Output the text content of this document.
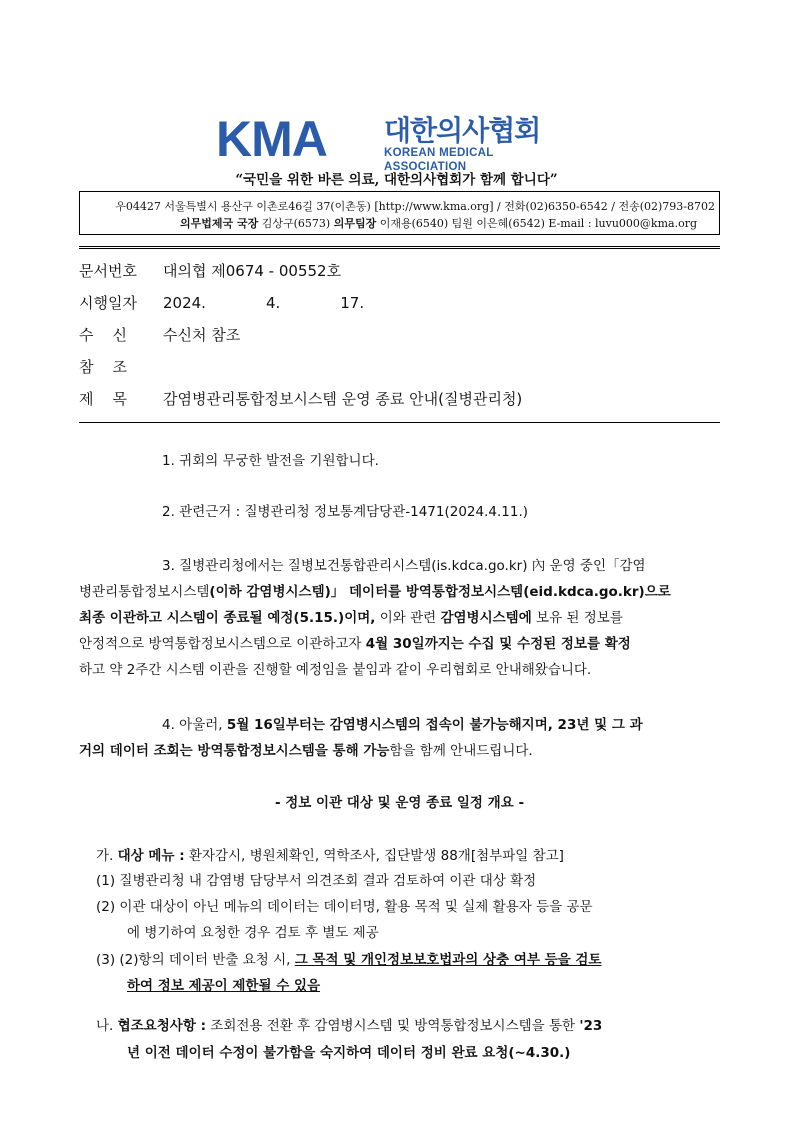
KMA 대한의사협회
KOREAN MEDICAL ASSOCIATION
“국민을 위한 바른 의료, 대한의사협회가 함께 합니다”
우04427 서울특별시 용산구 이촌로46길 37(이촌동) [http://www.kma.org] / 전화(02)6350-6542 / 전송(02)793-8702
의무법제국 국장 김상구(6573) 의무팀장 이재용(6540) 팀원 이은혜(6542) E-mail : luvu000@kma.org
문서번호 대의협 제0674 - 00552호
시행일자 2024.	4.	17.
수    신 수신처 참조
참    조
제    목 감염병관리통합정보시스템 운영 종료 안내(질병관리청)
1. 귀회의 무궁한 발전을 기원합니다.
2. 관련근거 : 질병관리청 정보통계담당관-1471(2024.4.11.)
3. 질병관리청에서는 질병보건통합관리시스템(is.kdca.go.kr) 內 운영 중인「감염
병관리통합정보시스템(이하 감염병시스템)」 데이터를 방역통합정보시스템(eid.kdca.go.kr)으로
최종 이관하고 시스템이 종료될 예정(5.15.)이며, 이와 관련 감염병시스템에 보유 된 정보를
안정적으로 방역통합정보시스템으로 이관하고자 4월 30일까지는 수집 및 수정된 정보를 확정
하고 약 2주간 시스템 이관을 진행할 예정임을 붙임과 같이 우리협회로 안내해왔습니다.
4. 아울러, 5월 16일부터는 감염병시스템의 접속이 불가능해지며, 23년 및 그 과
거의 데이터 조회는 방역통합정보시스템을 통해 가능함을 함께 안내드립니다.
- 정보 이관 대상 및 운영 종료 일정 개요 -
가. 대상 메뉴 : 환자감시, 병원체확인, 역학조사, 집단발생 88개[첨부파일 참고]
(1) 질병관리청 내 감염병 담당부서 의견조회 결과 검토하여 이관 대상 확정
(2) 이관 대상이 아닌 메뉴의 데이터는 데이터명, 활용 목적 및 실제 활용자 등을 공문
에 병기하여 요청한 경우 검토 후 별도 제공
(3) (2)항의 데이터 반출 요청 시, 그 목적 및 개인정보보호법과의 상충 여부 등을 검토
하여 정보 제공이 제한될 수 있음
나. 협조요청사항 : 조회전용 전환 후 감염병시스템 및 방역통합정보시스템을 통한 '23
년 이전 데이터 수정이 불가함을 숙지하여 데이터 정비 완료 요청(~4.30.)
